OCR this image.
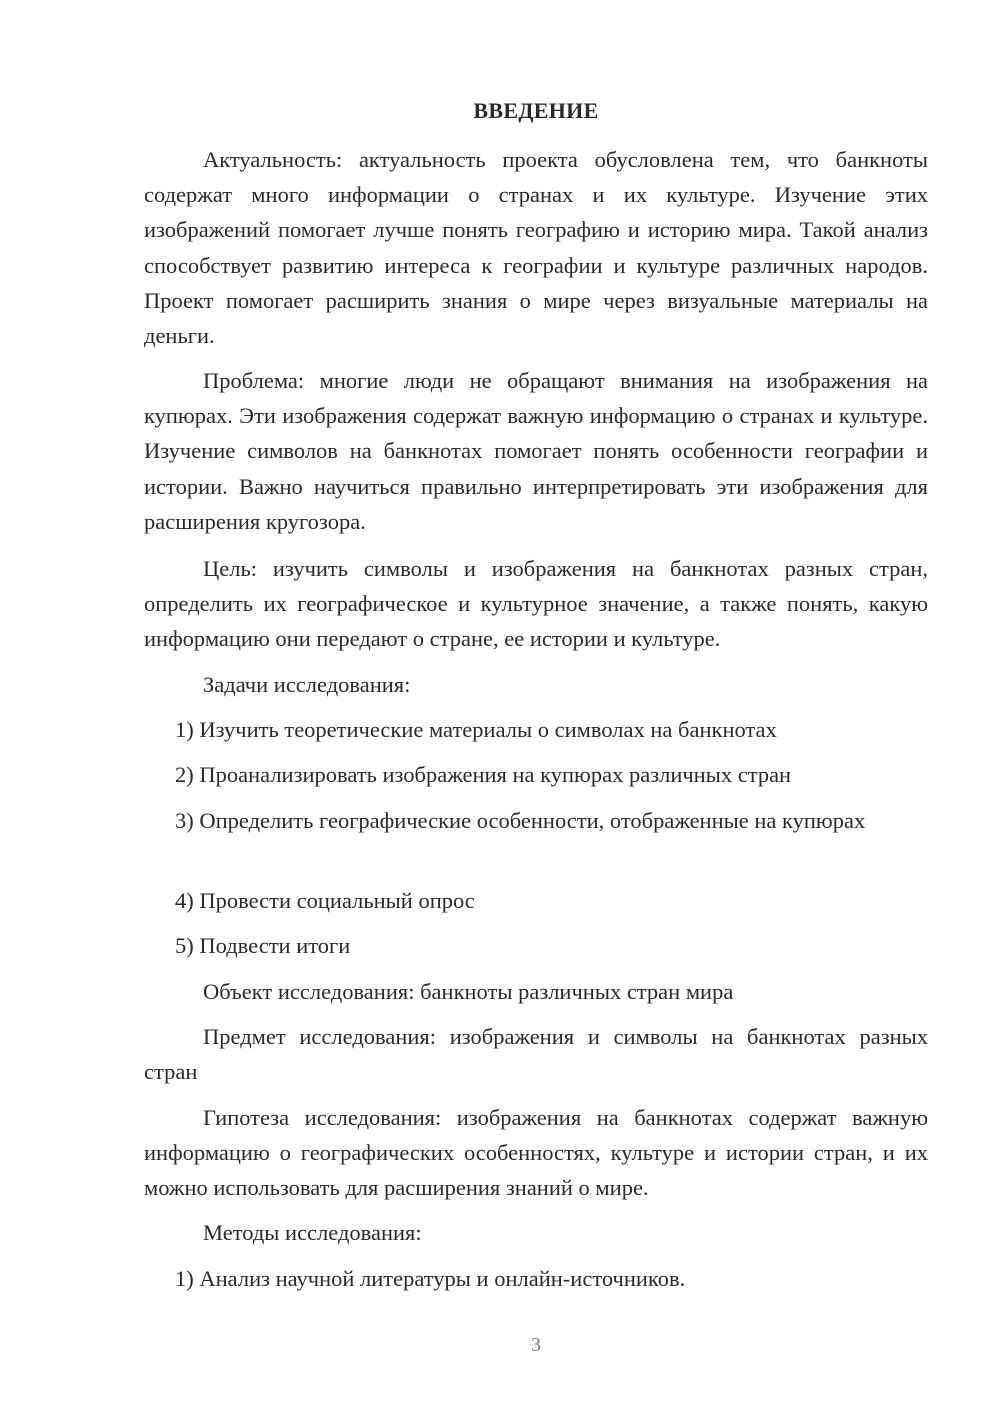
ВВЕДЕНИЕ

Актуальность: актуальность проекта обусловлена тем, что банкноты содержат много информации о странах и их культуре. Изучение этих изображений помогает лучше понять географию и историю мира. Такой анализ способствует развитию интереса к географии и культуре различных народов. Проект помогает расширить знания о мире через визуальные материалы на деньги.

Проблема: многие люди не обращают внимания на изображения на купюрах. Эти изображения содержат важную информацию о странах и культуре. Изучение символов на банкнотах помогает понять особенности географии и истории. Важно научиться правильно интерпретировать эти изображения для расширения кругозора.

Цель: изучить символы и изображения на банкнотах разных стран, определить их географическое и культурное значение, а также понять, какую информацию они передают о стране, ее истории и культуре.

Задачи исследования:

1) Изучить теоретические материалы о символах на банкнотах

2) Проанализировать изображения на купюрах различных стран

3) Определить географические особенности, отображенные на купюрах

4) Провести социальный опрос

5) Подвести итоги

Объект исследования: банкноты различных стран мира

Предмет исследования: изображения и символы на банкнотах разных стран

Гипотеза исследования: изображения на банкнотах содержат важную информацию о географических особенностях, культуре и истории стран, и их можно использовать для расширения знаний о мире.

Методы исследования:

1) Анализ научной литературы и онлайн-источников.

3
